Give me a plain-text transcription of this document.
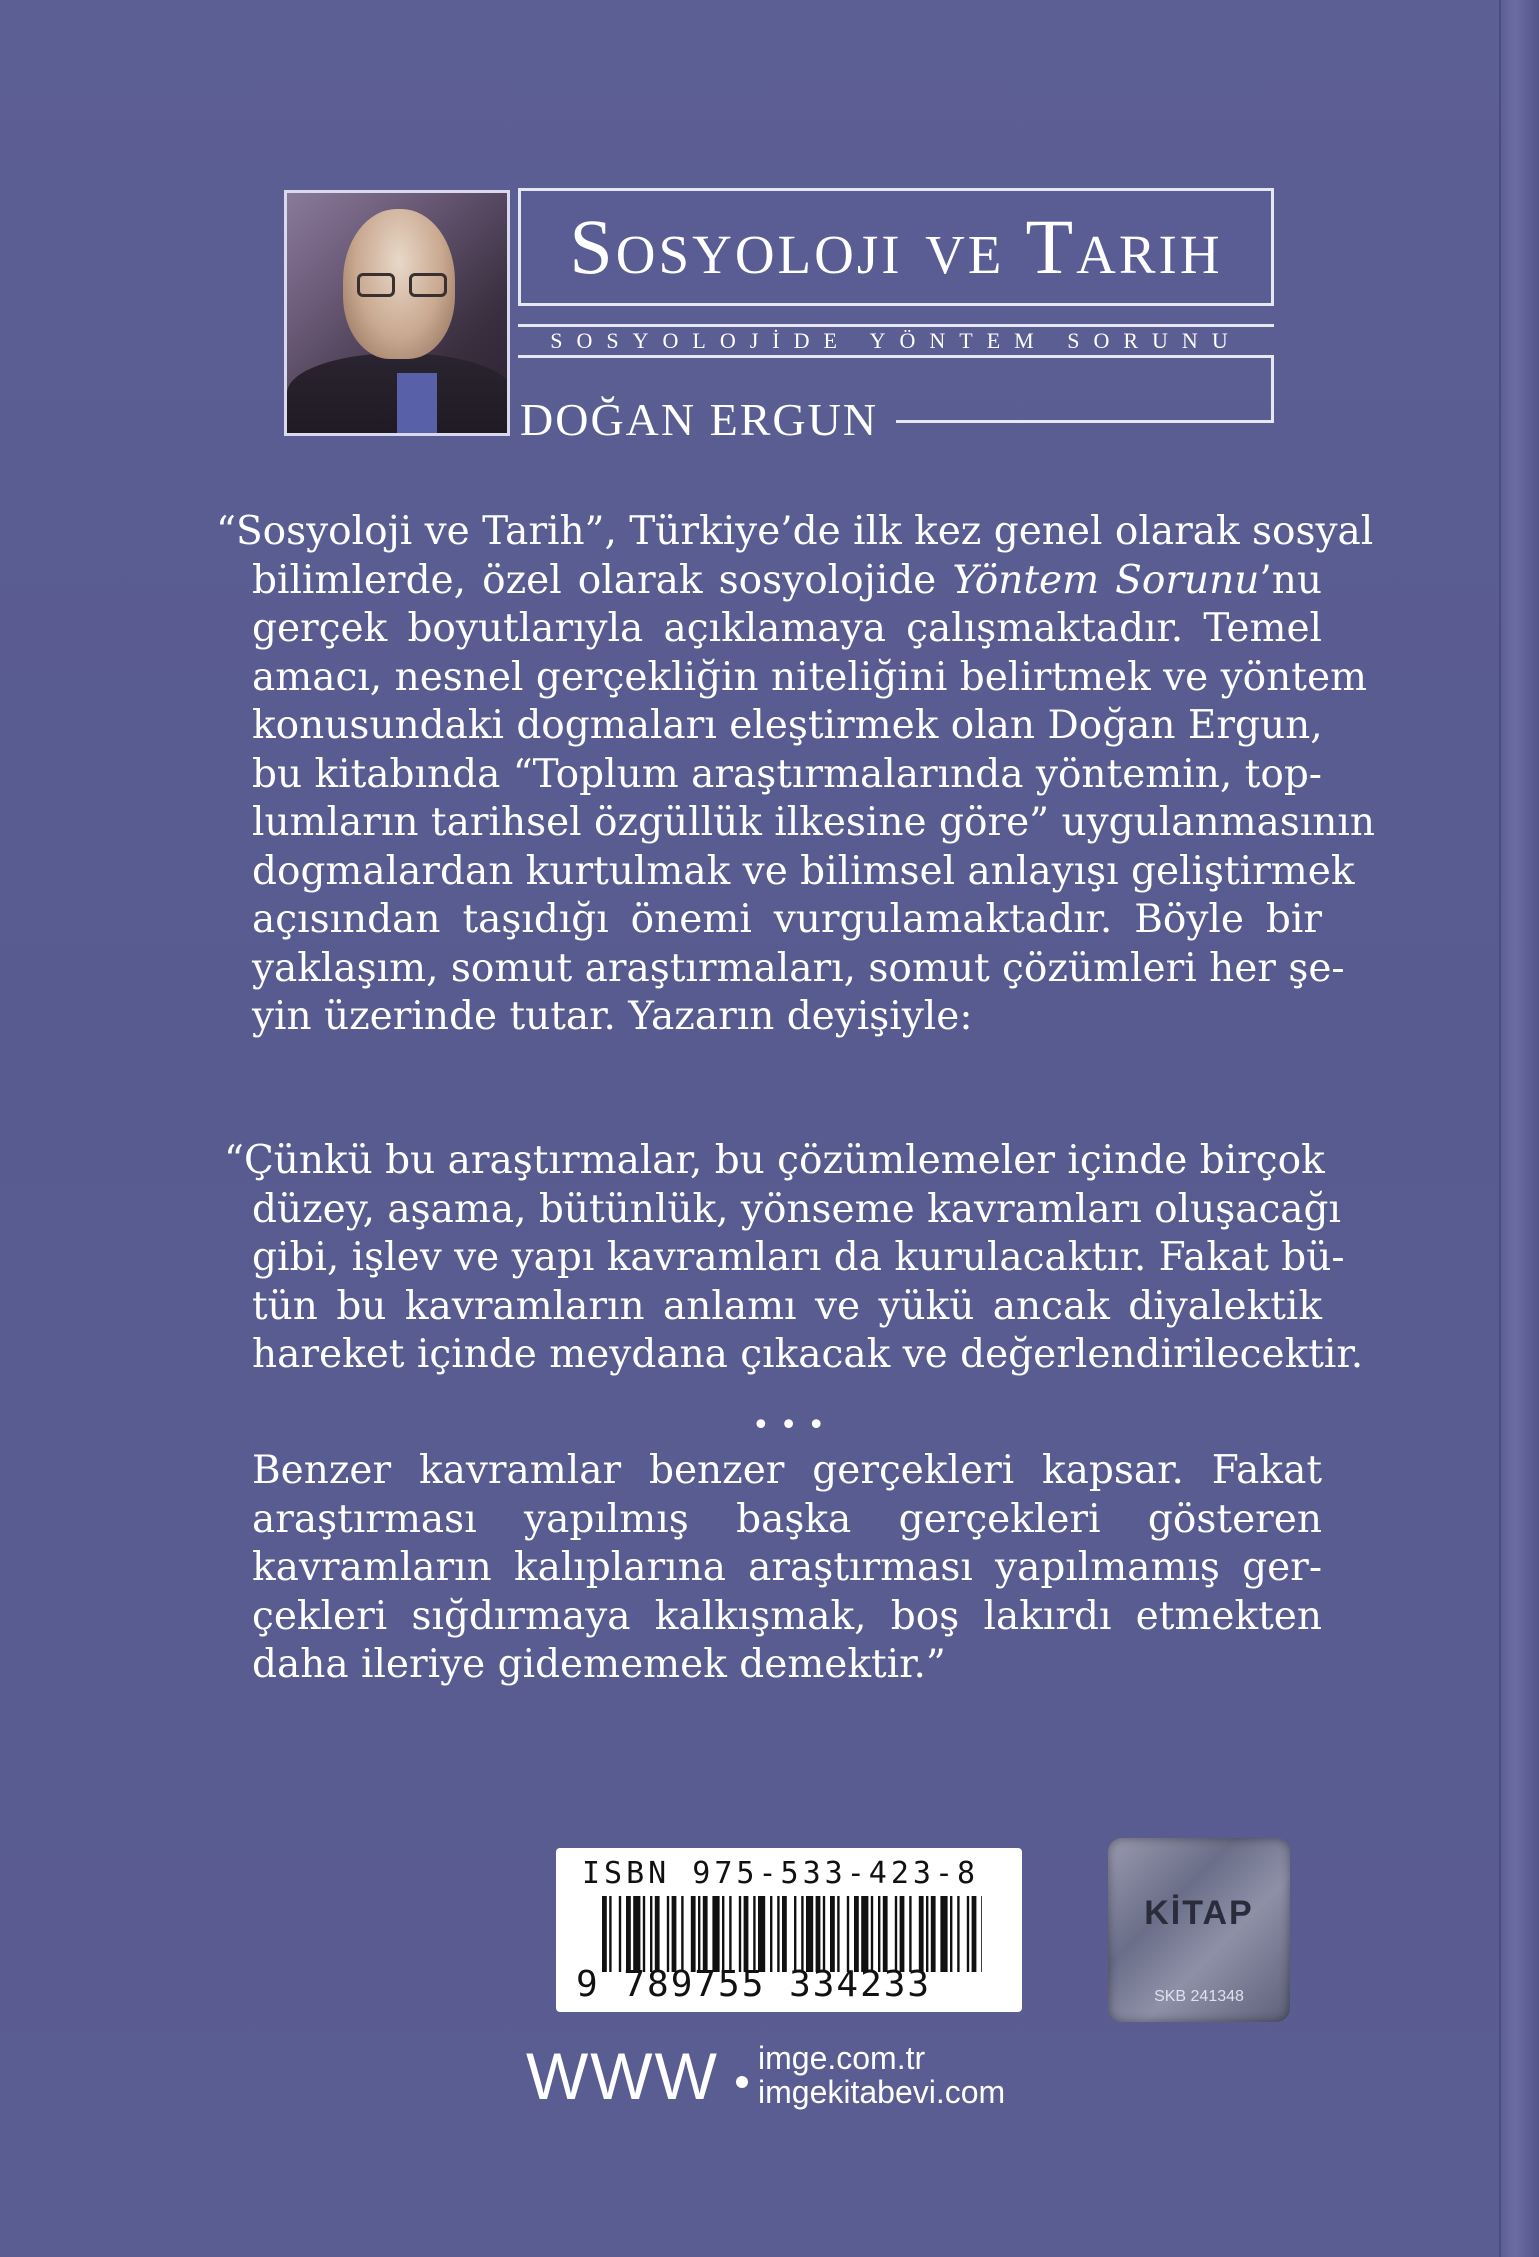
Sosyoloji ve Tarih
SOSYOLOJİDE YÖNTEM SORUNU
DOĞAN ERGUN
“Sosyoloji ve Tarih”, Türkiye’de ilk kez genel olarak sosyal
bilimlerde, özel olarak sosyolojide Yöntem Sorunu’nu
gerçek boyutlarıyla açıklamaya çalışmaktadır. Temel
amacı, nesnel gerçekliğin niteliğini belirtmek ve yöntem
konusundaki dogmaları eleştirmek olan Doğan Ergun,
bu kitabında “Toplum araştırmalarında yöntemin, top-
lumların tarihsel özgüllük ilkesine göre” uygulanmasının
dogmalardan kurtulmak ve bilimsel anlayışı geliştirmek
açısından taşıdığı önemi vurgulamaktadır. Böyle bir
yaklaşım, somut araştırmaları, somut çözümleri her şe-
yin üzerinde tutar. Yazarın deyişiyle:
“Çünkü bu araştırmalar, bu çözümlemeler içinde birçok
düzey, aşama, bütünlük, yönseme kavramları oluşacağı
gibi, işlev ve yapı kavramları da kurulacaktır. Fakat bü-
tün bu kavramların anlamı ve yükü ancak diyalektik
hareket içinde meydana çıkacak ve değerlendirilecektir.
•••
Benzer kavramlar benzer gerçekleri kapsar. Fakat
araştırması yapılmış başka gerçekleri gösteren
kavramların kalıplarına araştırması yapılmamış ger-
çekleri sığdırmaya kalkışmak, boş lakırdı etmekten
daha ileriye gidememek demektir.”
ISBN 975-533-423-8
9 789755 334233
KİTAP
SKB 241348
WWW imge.com.tr
imgekitabevi.com
